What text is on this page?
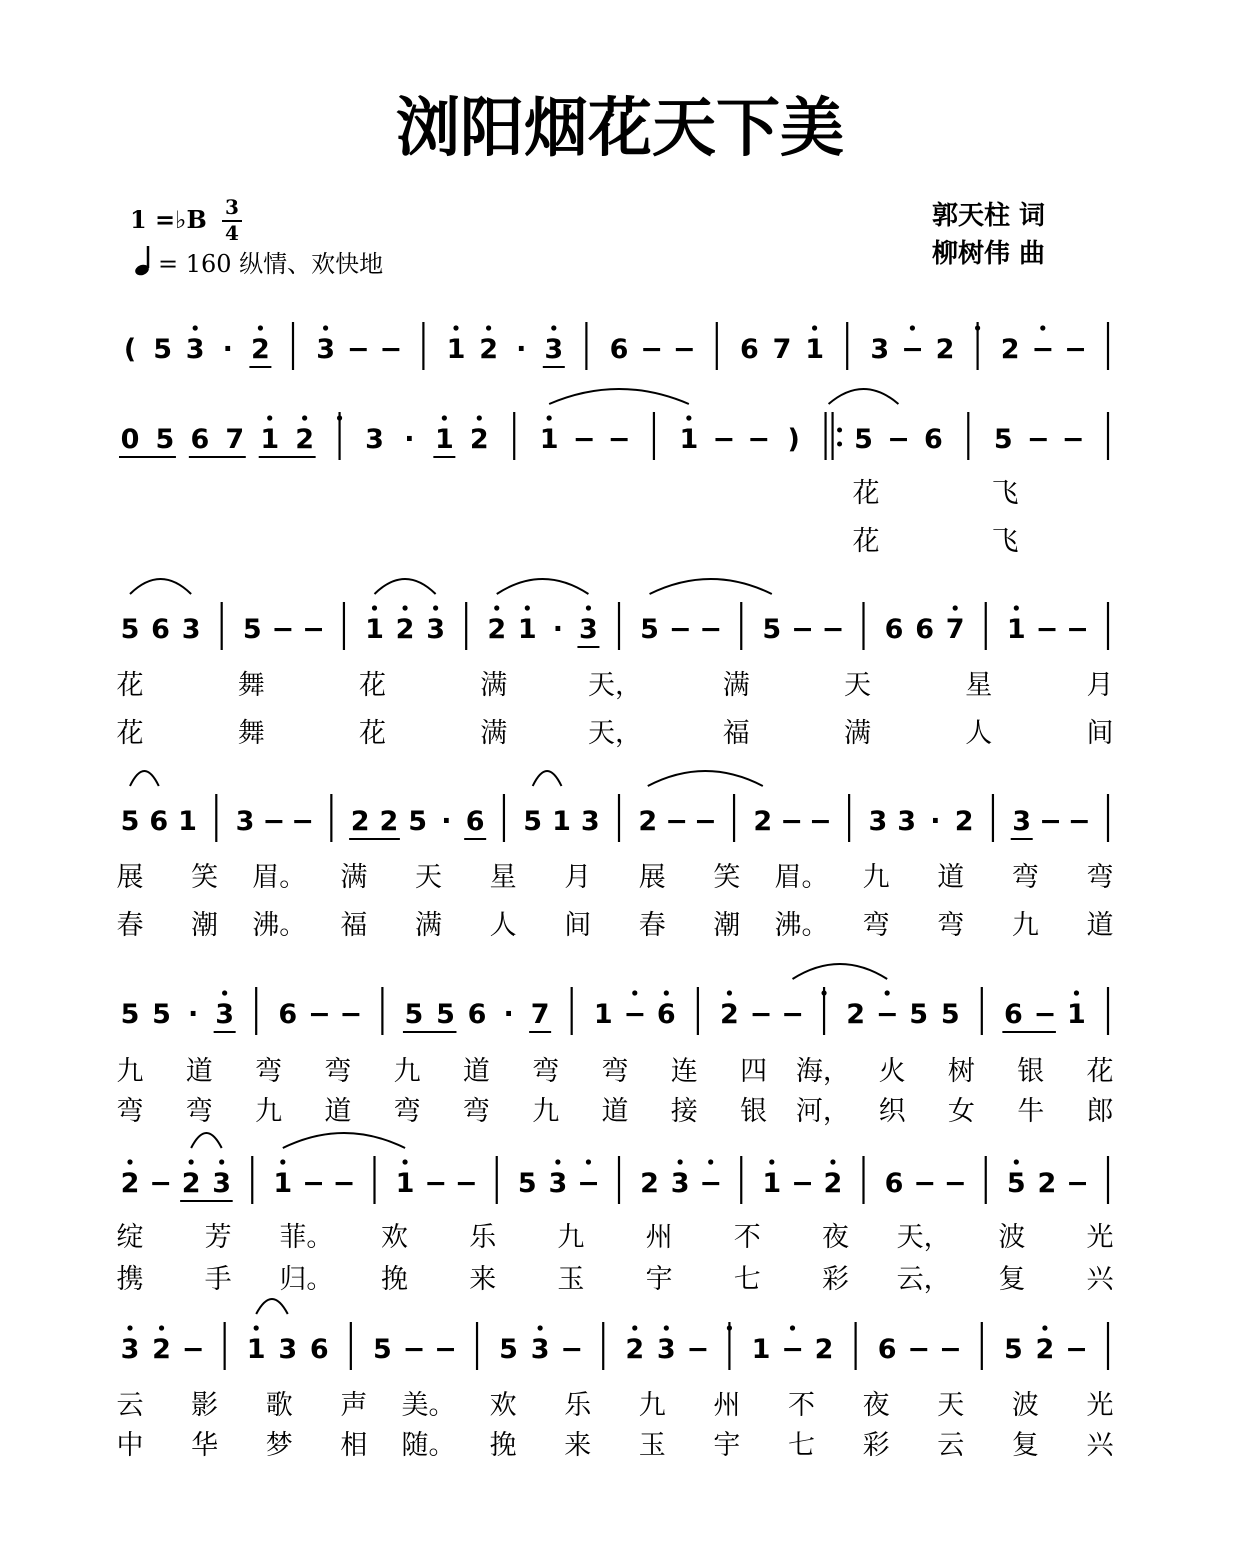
浏阳烟花天下美
1 =♭B 3
4
= 160 纵情、欢快地
郭天柱 词
柳树伟 曲
( 5 3 · 2 3 − − 1 2 · 3 6 − − 6 7 1 3 − 2 2 − −
0 5 6 7 1 2 3 · 1 2 1 − − 1 − − ) 5 − 6 5 − −
花	飞
花	飞
5 6 3 5 − − 1 2 3 2 1 · 3 5 − − 5 − − 6 6 7 1 − −
花	舞	花	满	天，	满	天	星	月
花	舞	花	满	天，	福	满	人	间
5 6 1 3 − − 2 2 5 · 6 5 1 3 2 − − 2 − − 3 3 · 2 3 − −
展 笑 眉。 满 天 星 月 展 笑 眉。 九 道 弯 弯
春 潮 沸。 福 满 人 间 春 潮 沸。 弯 弯 九 道
5 5 · 3 6 − − 5 5 6 · 7 1 − 6 2 − − 2 − 5 5 6 − 1
九 道 弯 弯 九 道 弯 弯 连 四 海， 火 树 银 花
弯 弯 九 道 弯 弯 九 道 接 银 河， 织 女 牛 郎
2 − 2 3 1 − − 1 − − 5 3 − 2 3 − 1 − 2 6 − − 5 2 −
绽 芳 菲。 欢 乐 九 州 不 夜 天， 波 光
携 手 归。 挽 来 玉 宇 七 彩 云， 复 兴
3 2 − 1 3 6 5 − − 5 3 − 2 3 − 1 − 2 6 − − 5 2 −
云 影 歌 声 美。 欢 乐 九 州 不 夜 天 波 光
中 华 梦 相 随。 挽 来 玉 宇 七 彩 云 复 兴
